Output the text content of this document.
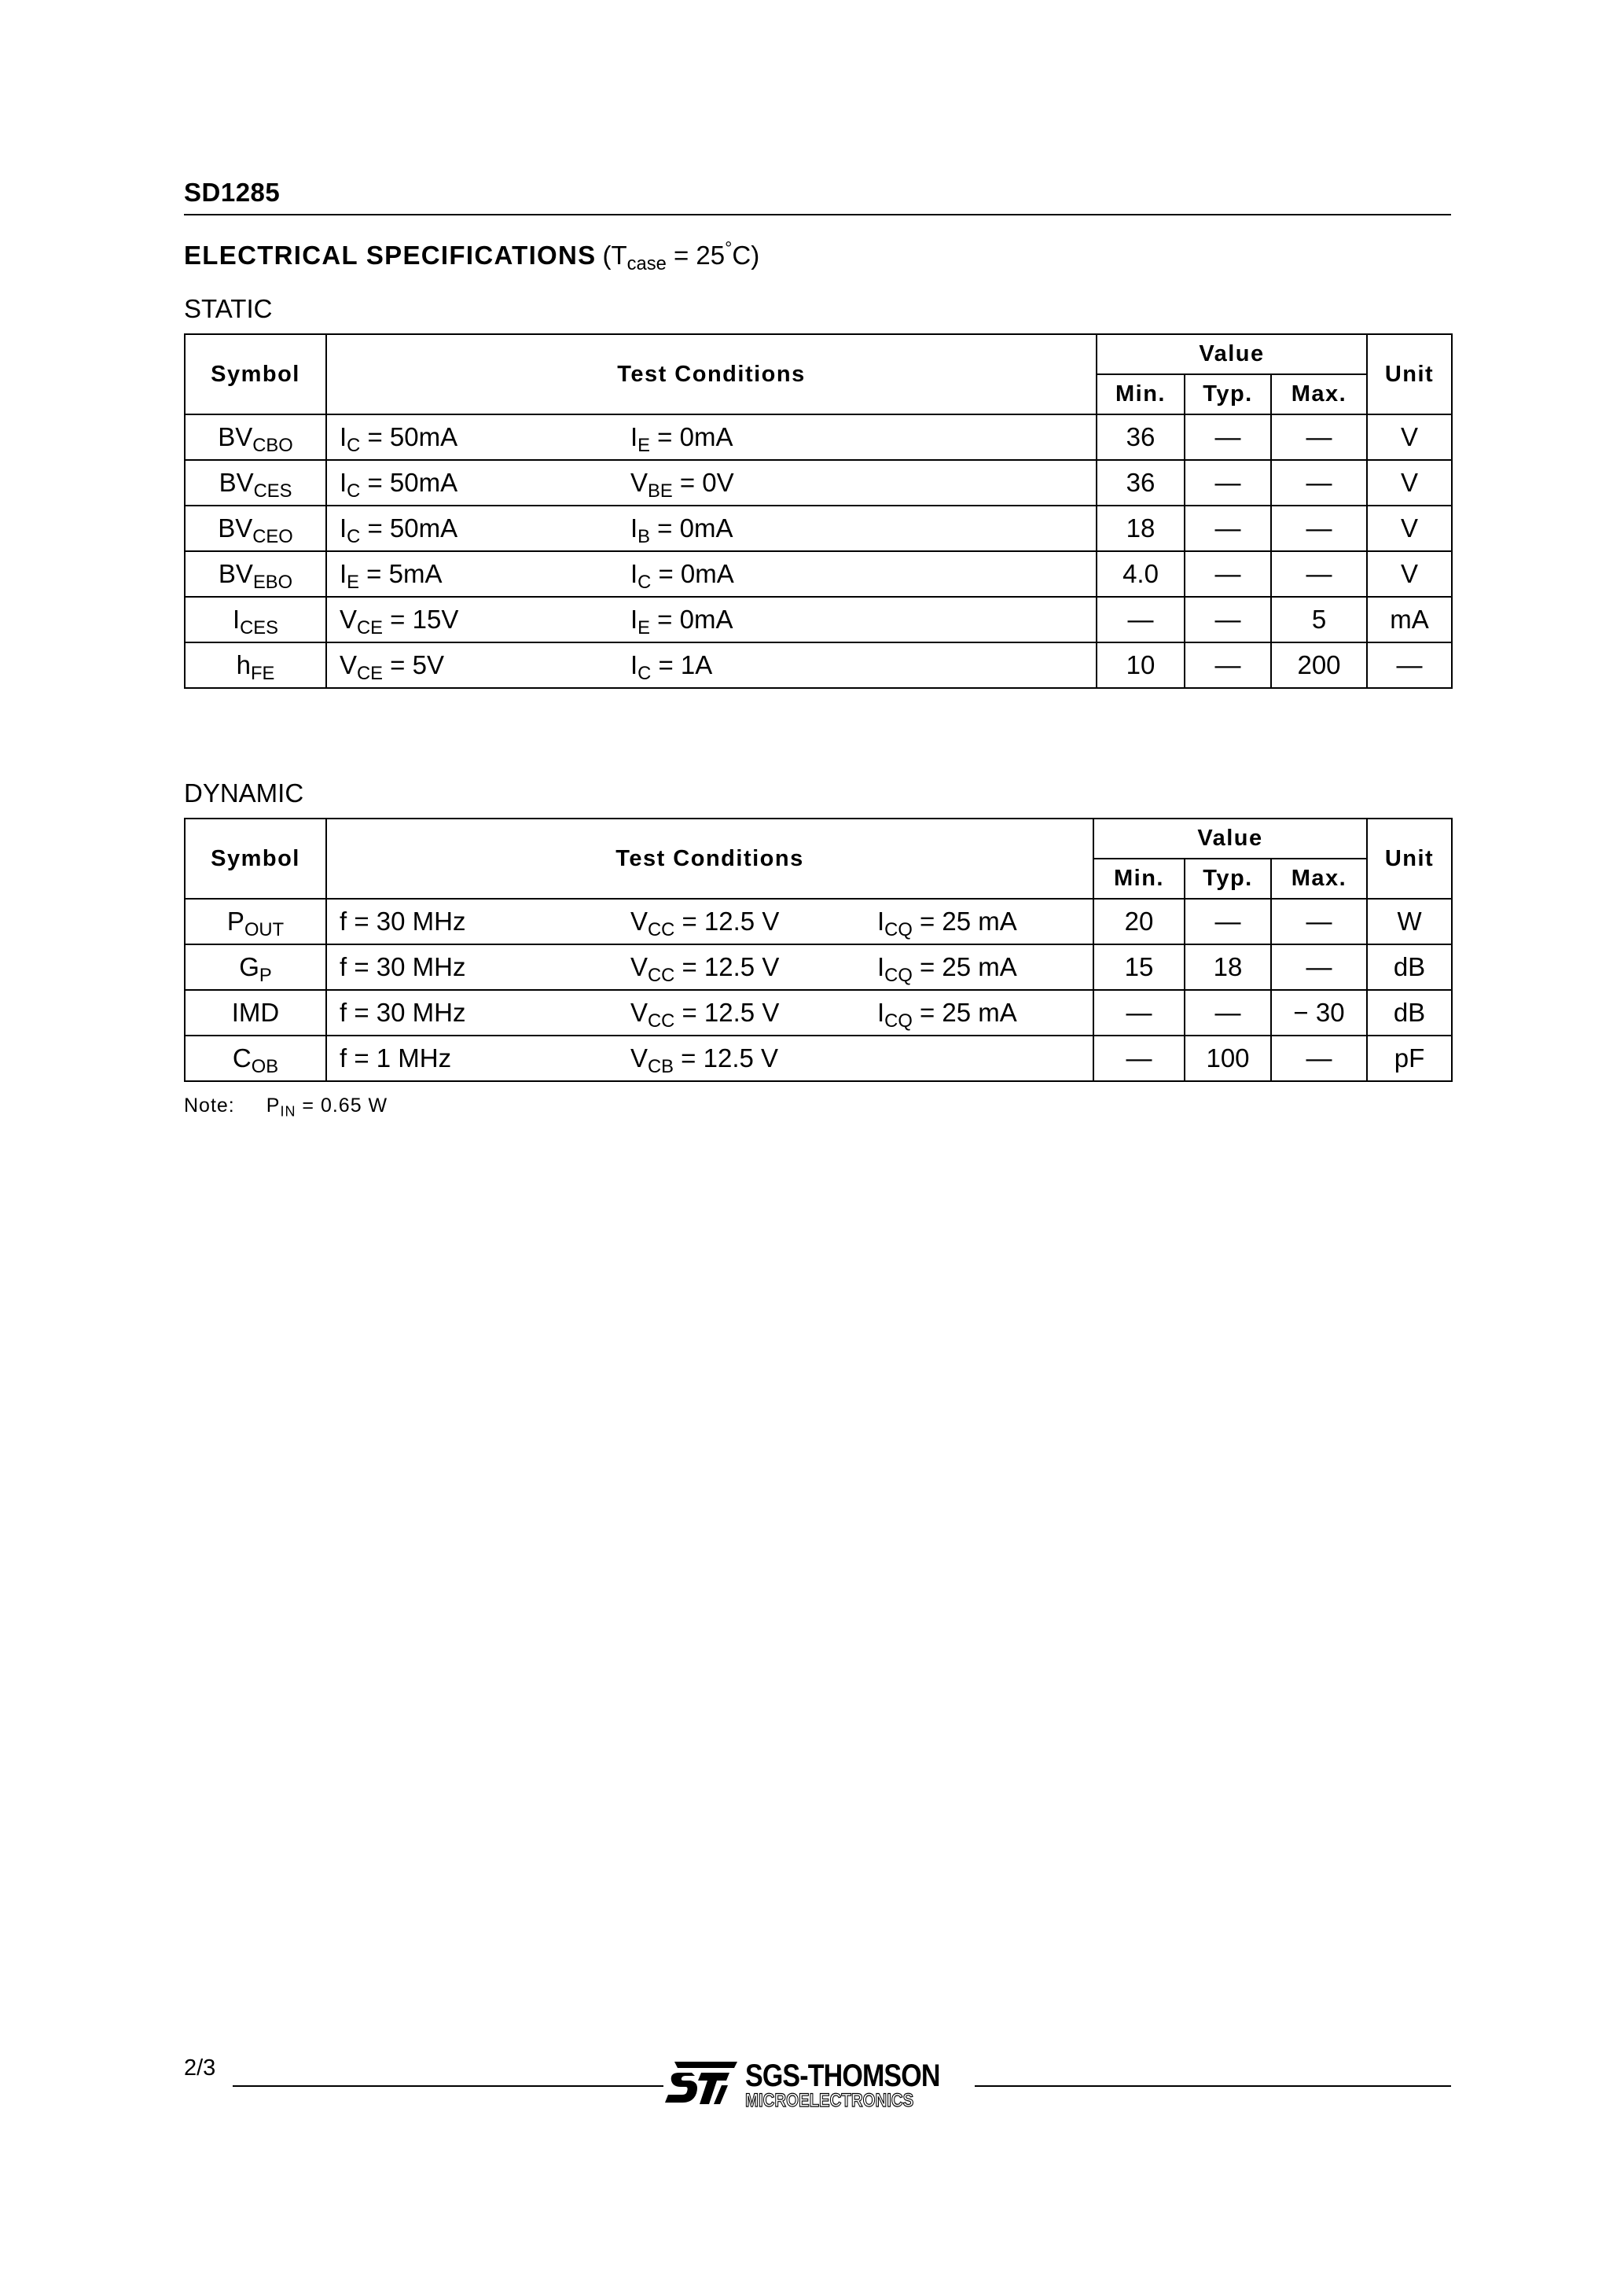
SD1285
ELECTRICAL SPECIFICATIONS $(T_{case} = 25^\circ C)$
STATIC
Symbol	Test Conditions	Value			Unit
		Min.	Typ.	Max.	
$BV_{CBO}$	$I_C = 50mA$ $I_E = 0mA$	36	—	—	V
$BV_{CES}$	$I_C = 50mA$ $V_{BE} = 0V$	36	—	—	V
$BV_{CEO}$	$I_C = 50mA$ $I_B = 0mA$	18	—	—	V
$BV_{EBO}$	$I_E = 5mA$ $I_C = 0mA$	4.0	—	—	V
$I_{CES}$	$V_{CE} = 15V$ $I_E = 0mA$	—	—	5	mA
$h_{FE}$	$V_{CE} = 5V$ $I_C = 1A$	10	—	200	—
DYNAMIC
Symbol	Test Conditions	Value			Unit
		Min.	Typ.	Max.	
$P_{OUT}$	f = 30 MHz $V_{CC} = 12.5$ V $I_{CQ} = 25$ mA	20	—	—	W
$G_P$	f = 30 MHz $V_{CC} = 12.5$ V $I_{CQ} = 25$ mA	15	18	—	dB
IMD	f = 30 MHz $V_{CC} = 12.5$ V $I_{CQ} = 25$ mA	—	—	− 30	dB
$C_{OB}$	f = 1 MHz $V_{CB} = 12.5$ V	—	100	—	pF
Note: $P_{IN} = 0.65$ W
2/3	SGS-THOMSON
MICROELECTRONICS
